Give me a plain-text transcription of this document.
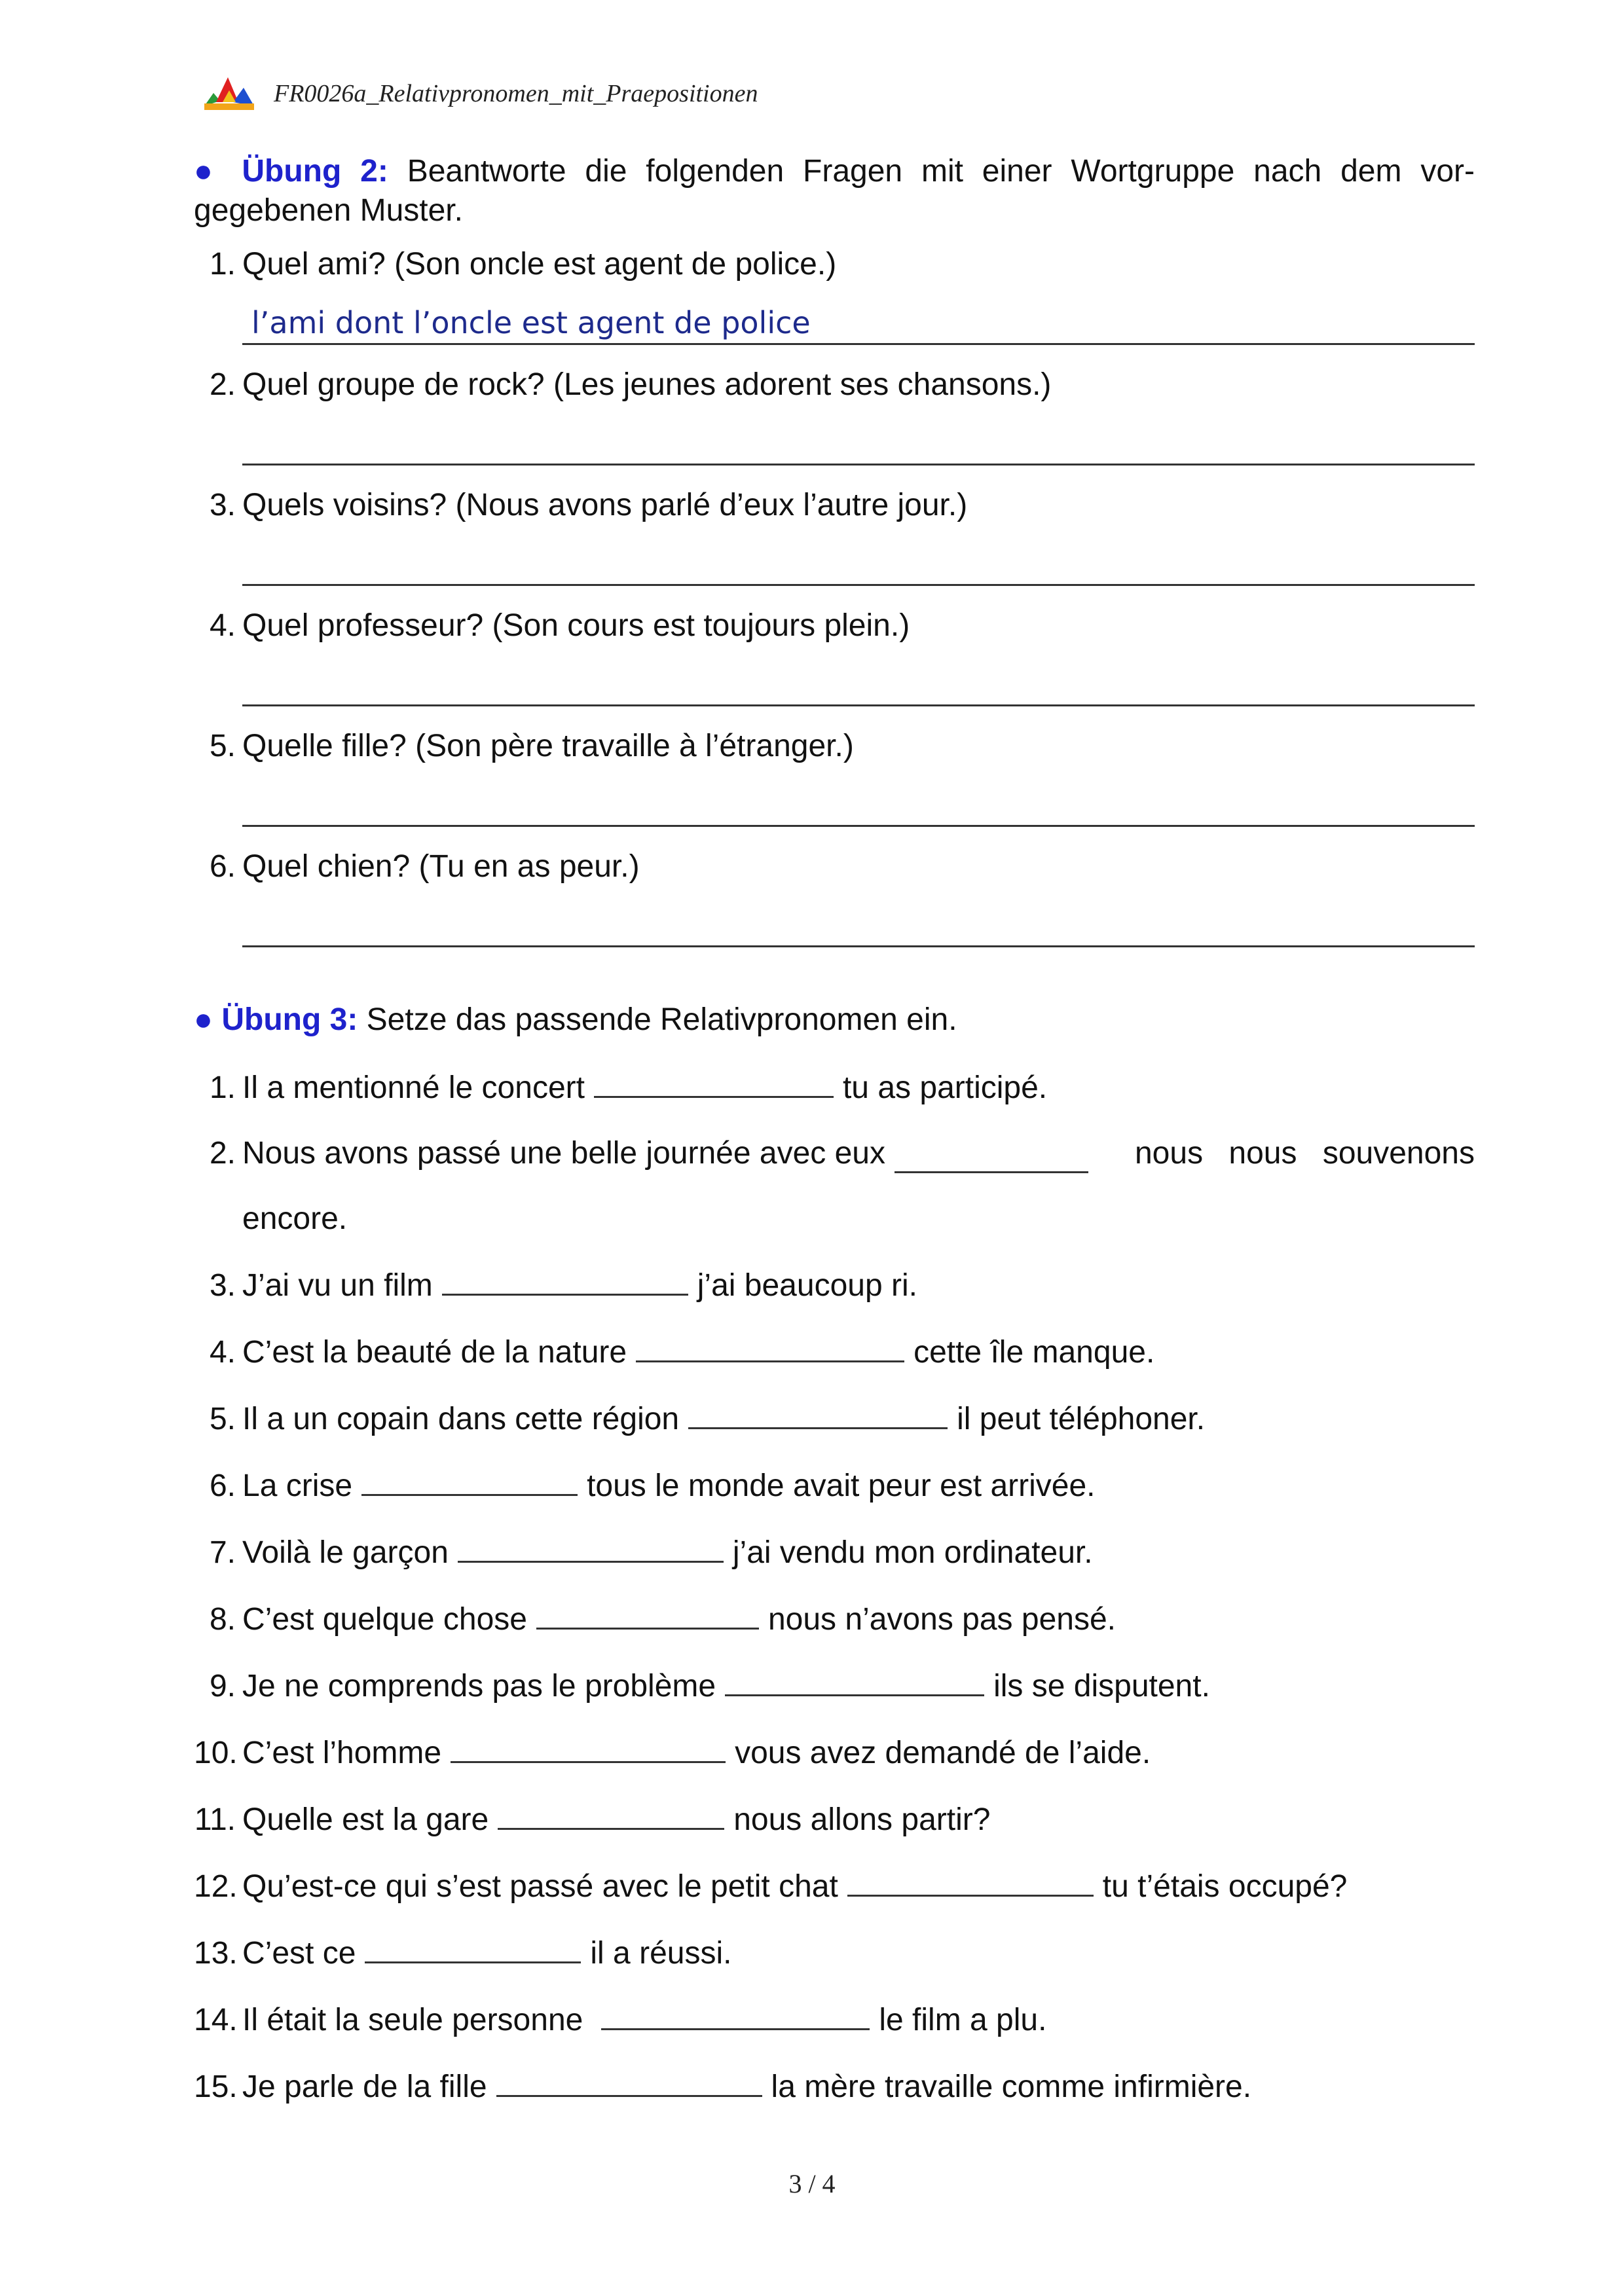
FR0026a_Relativpronomen_mit_Praepositionen
● Übung 2: Beantworte die folgenden Fragen mit einer Wortgruppe nach dem vor-gegebenen Muster.
1. Quel ami? (Son oncle est agent de police.)
l’ami dont l’oncle est agent de police
2. Quel groupe de rock? (Les jeunes adorent ses chansons.)
3. Quels voisins? (Nous avons parlé d’eux l’autre jour.)
4. Quel professeur? (Son cours est toujours plein.)
5. Quelle fille? (Son père travaille à l’étranger.)
6. Quel chien? (Tu en as peur.)
● Übung 3: Setze das passende Relativpronomen ein.
1. Il a mentionné le concert	tu as participé.
2. Nous avons passé une belle journée avec eux	nous nous souvenons
encore.
3. J’ai vu un film	j’ai beaucoup ri.
4. C’est la beauté de la nature	cette île manque.
5. Il a un copain dans cette région	il peut téléphoner.
6. La crise	tous le monde avait peur est arrivée.
7. Voilà le garçon	j’ai vendu mon ordinateur.
8. C’est quelque chose	nous n’avons pas pensé.
9. Je ne comprends pas le problème	ils se disputent.
10. C’est l’homme	vous avez demandé de l’aide.
11. Quelle est la gare	nous allons partir?
12. Qu’est-ce qui s’est passé avec le petit chat	tu t’étais occupé?
13. C’est ce	il a réussi.
14. Il était la seule personne	le film a plu.
15. Je parle de la fille	la mère travaille comme infirmière.
3 / 4
